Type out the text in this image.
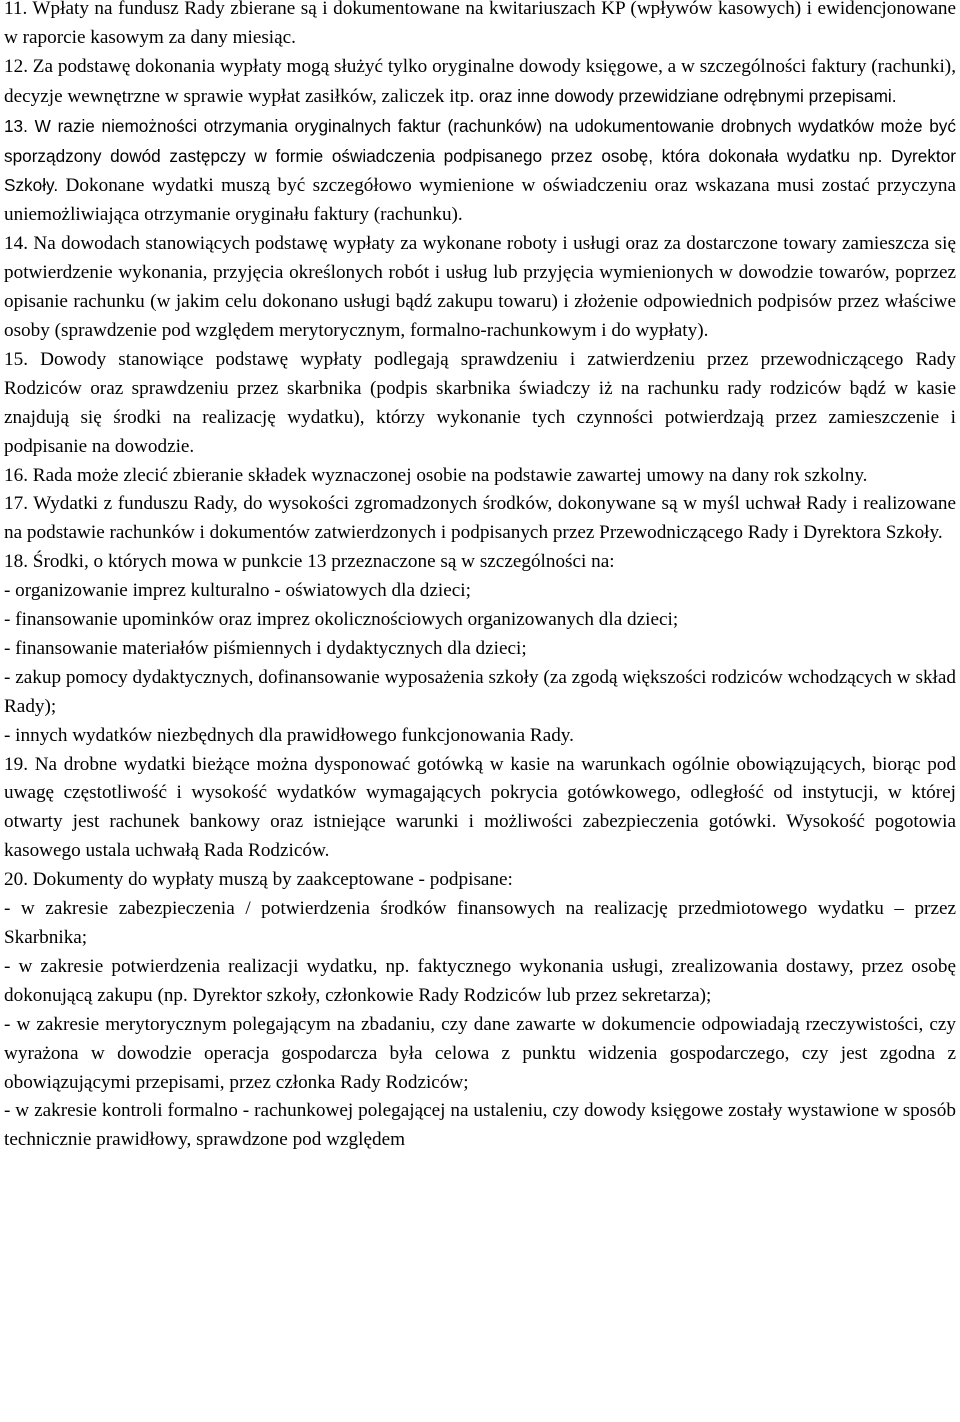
11. Wpłaty na fundusz Rady zbierane są i dokumentowane na kwitariuszach KP (wpływów kasowych) i ewidencjonowane w raporcie kasowym za dany miesiąc.

12. Za podstawę dokonania wypłaty mogą służyć tylko oryginalne dowody księgowe, a w szczególności faktury (rachunki), decyzje wewnętrzne w sprawie wypłat zasiłków, zaliczek itp. oraz inne dowody przewidziane odrębnymi przepisami.

13. W razie niemożności otrzymania oryginalnych faktur (rachunków) na udokumentowanie drobnych wydatków może być sporządzony dowód zastępczy w formie oświadczenia podpisanego przez osobę, która dokonała wydatku np. Dyrektor Szkoły. Dokonane wydatki muszą być szczegółowo wymienione w oświadczeniu oraz wskazana musi zostać przyczyna uniemożliwiająca otrzymanie oryginału faktury (rachunku).

14. Na dowodach stanowiących podstawę wypłaty za wykonane roboty i usługi oraz za dostarczone towary zamieszcza się potwierdzenie wykonania, przyjęcia określonych robót i usług lub przyjęcia wymienionych w dowodzie towarów, poprzez opisanie rachunku (w jakim celu dokonano usługi bądź zakupu towaru) i złożenie odpowiednich podpisów przez właściwe osoby (sprawdzenie pod względem merytorycznym, formalno-rachunkowym i do wypłaty).

15. Dowody stanowiące podstawę wypłaty podlegają sprawdzeniu i zatwierdzeniu przez przewodniczącego Rady Rodziców oraz sprawdzeniu przez skarbnika (podpis skarbnika świadczy iż na rachunku rady rodziców bądź w kasie znajdują się środki na realizację wydatku), którzy wykonanie tych czynności potwierdzają przez zamieszczenie i podpisanie na dowodzie.

16. Rada może zlecić zbieranie składek wyznaczonej osobie na podstawie zawartej umowy na dany rok szkolny.

17. Wydatki z funduszu Rady, do wysokości zgromadzonych środków, dokonywane są w myśl uchwał Rady i realizowane na podstawie rachunków i dokumentów zatwierdzonych i podpisanych przez Przewodniczącego Rady i Dyrektora Szkoły.

18. Środki, o których mowa w punkcie 13 przeznaczone są w szczególności na:

- organizowanie imprez kulturalno - oświatowych dla dzieci;

- finansowanie upominków oraz imprez okolicznościowych organizowanych dla dzieci;

- finansowanie materiałów piśmiennych i dydaktycznych dla dzieci;

- zakup pomocy dydaktycznych, dofinansowanie wyposażenia szkoły (za zgodą większości rodziców wchodzących w skład Rady);

- innych wydatków niezbędnych dla prawidłowego funkcjonowania Rady.

19. Na drobne wydatki bieżące można dysponować gotówką w kasie na warunkach ogólnie obowiązujących, biorąc pod uwagę częstotliwość i wysokość wydatków wymagających pokrycia gotówkowego, odległość od instytucji, w której otwarty jest rachunek bankowy oraz istniejące warunki i możliwości zabezpieczenia gotówki. Wysokość pogotowia kasowego ustala uchwałą Rada Rodziców.

20. Dokumenty do wypłaty muszą by zaakceptowane - podpisane:

- w zakresie zabezpieczenia / potwierdzenia środków finansowych na realizację przedmiotowego wydatku – przez Skarbnika;

- w zakresie potwierdzenia realizacji wydatku, np. faktycznego wykonania usługi, zrealizowania dostawy, przez osobę dokonującą zakupu (np. Dyrektor szkoły, członkowie Rady Rodziców lub przez sekretarza);

- w zakresie merytorycznym polegającym na zbadaniu, czy dane zawarte w dokumencie odpowiadają rzeczywistości, czy wyrażona w dowodzie operacja gospodarcza była celowa z punktu widzenia gospodarczego, czy jest zgodna z obowiązującymi przepisami, przez członka Rady Rodziców;

- w zakresie kontroli formalno - rachunkowej polegającej na ustaleniu, czy dowody księgowe zostały wystawione w sposób technicznie prawidłowy, sprawdzone pod względem
